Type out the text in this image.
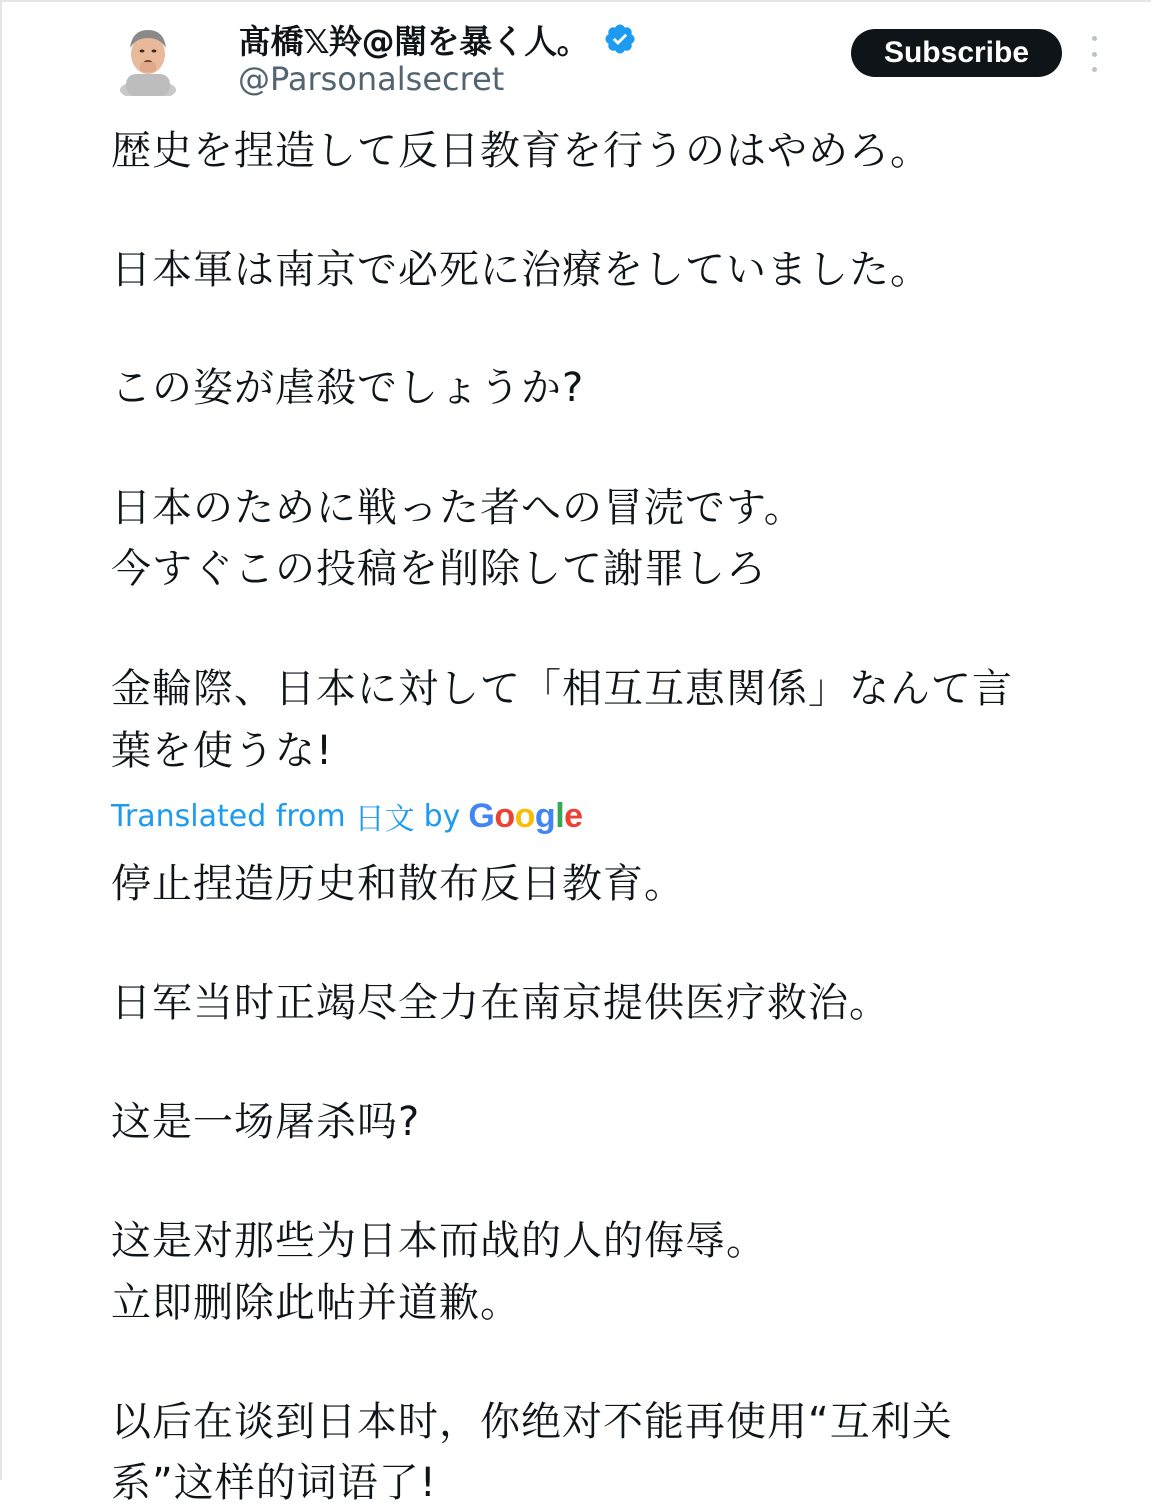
髙橋𝕏羚@闇を暴く人。
@Parsonalsecret
Subscribe
歴史を捏造して反日教育を行うのはやめろ。
日本軍は南京で必死に治療をしていました。
この姿が虐殺でしょうか?
日本のために戦った者への冒涜です。
今すぐこの投稿を削除して謝罪しろ
金輪際、日本に対して「相互互恵関係」なんて言
葉を使うな!
Translated from 日文 by Google
停止捏造历史和散布反日教育。
日军当时正竭尽全力在南京提供医疗救治。
这是一场屠杀吗?
这是对那些为日本而战的人的侮辱。
立即删除此帖并道歉。
以后在谈到日本时，你绝对不能再使用“互利关
系”这样的词语了!
